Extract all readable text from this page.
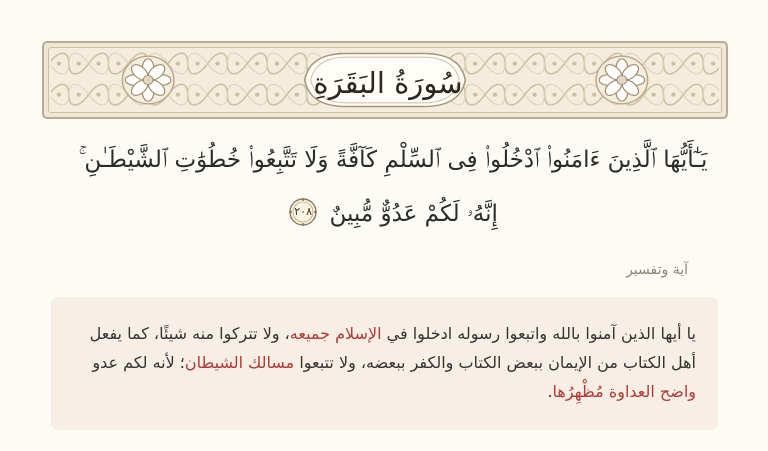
سُورَةُ البَقَرَةِ
يَـٰٓأَيُّهَا ٱلَّذِينَ ءَامَنُوا۟ ٱدْخُلُوا۟ فِى ٱلسِّلْمِ كَآفَّةً وَلَا تَتَّبِعُوا۟ خُطُوَٰتِ ٱلشَّيْطَـٰنِ ۚ إِنَّهُۥ لَكُمْ عَدُوٌّ مُّبِينٌ
٢٠٨
آية وتفسير
يا أيها الذين آمنوا بالله واتبعوا رسوله ادخلوا في الإسلام جميعه، ولا تتركوا منه شيئًا، كما يفعل أهل الكتاب من الإيمان ببعض الكتاب والكفر ببعضه، ولا تتبعوا مسالك الشيطان؛ لأنه لكم عدو واضح العداوة مُظْهِرُها.
